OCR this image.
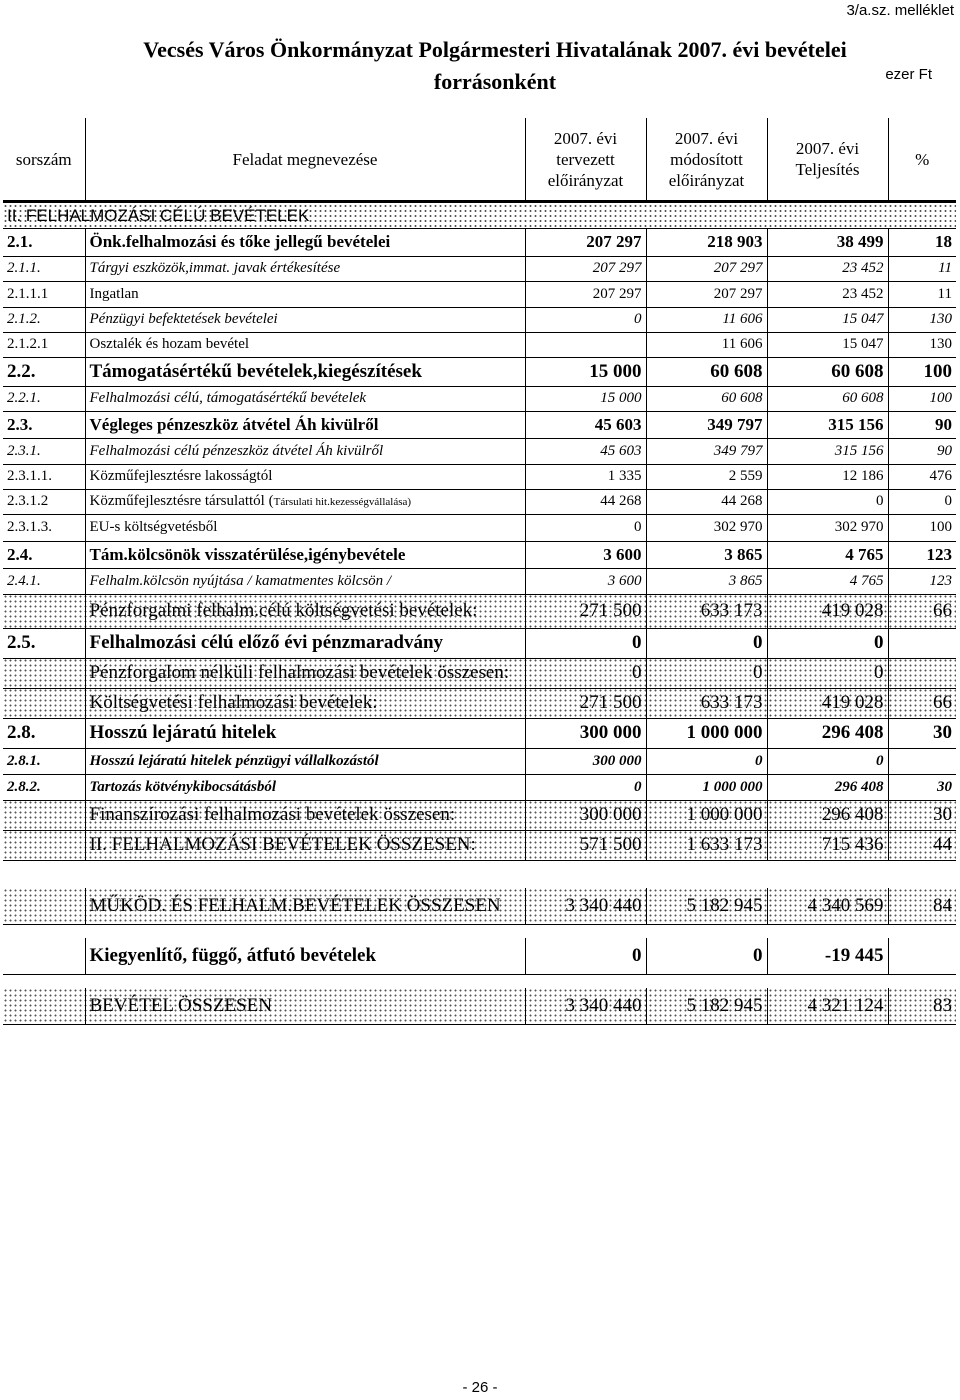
3/a.sz. melléklet
Vecsés Város Önkormányzat Polgármesteri Hivatalának 2007. évi bevételei
forrásonként	ezer Ft
sorszám	Feladat megnevezése	2007. évi tervezett előirányzat	2007. évi módosított előirányzat	2007. évi Teljesítés	%
II. FELHALMOZÁSI CÉLÚ BEVÉTELEK
2.1.	Önk.felhalmozási és tőke jellegű bevételei	207 297	218 903	38 499	18
2.1.1.	Tárgyi eszközök,immat. javak értékesítése	207 297	207 297	23 452	11
2.1.1.1	Ingatlan	207 297	207 297	23 452	11
2.1.2.	Pénzügyi befektetések bevételei	0	11 606	15 047	130
2.1.2.1	Osztalék és hozam bevétel		11 606	15 047	130
2.2.	Támogatásértékű bevételek,kiegészítések	15 000	60 608	60 608	100
2.2.1.	Felhalmozási célú, támogatásértékű bevételek	15 000	60 608	60 608	100
2.3.	Végleges pénzeszköz átvétel Áh kivülről	45 603	349 797	315 156	90
2.3.1.	Felhalmozási célú pénzeszköz átvétel Áh kivülről	45 603	349 797	315 156	90
2.3.1.1.	Közműfejlesztésre lakosságtól	1 335	2 559	12 186	476
2.3.1.2	Közműfejlesztésre társulattól (Társulati hit.kezességvállalása)	44 268	44 268	0	0
2.3.1.3.	EU-s költségvetésből	0	302 970	302 970	100
2.4.	Tám.kölcsönök visszatérülése,igénybevétele	3 600	3 865	4 765	123
2.4.1.	Felhalm.kölcsön nyújtása / kamatmentes kölcsön /	3 600	3 865	4 765	123
	Pénzforgalmi felhalm.célú költségvetési bevételek:	271 500	633 173	419 028	66
2.5.	Felhalmozási célú előző évi pénzmaradvány	0	0	0	
	Pénzforgalom nélküli felhalmozási bevételek összesen:	0	0	0	
	Költségvetési felhalmozási bevételek:	271 500	633 173	419 028	66
2.8.	Hosszú lejáratú hitelek	300 000	1 000 000	296 408	30
2.8.1.	Hosszú lejáratú hitelek pénzügyi vállalkozástól	300 000	0	0	
2.8.2.	Tartozás kötvénykibocsátásból	0	1 000 000	296 408	30
	Finanszírozási felhalmozási bevételek összesen:	300 000	1 000 000	296 408	30
	II. FELHALMOZÁSI BEVÉTELEK ÖSSZESEN:	571 500	1 633 173	715 436	44

	MŰKÖD. ÉS FELHALM.BEVÉTELEK ÖSSZESEN	3 340 440	5 182 945	4 340 569	84

	Kiegyenlítő, függő, átfutó bevételek	0	0	-19 445	

	BEVÉTEL ÖSSZESEN	3 340 440	5 182 945	4 321 124	83
- 26 -
